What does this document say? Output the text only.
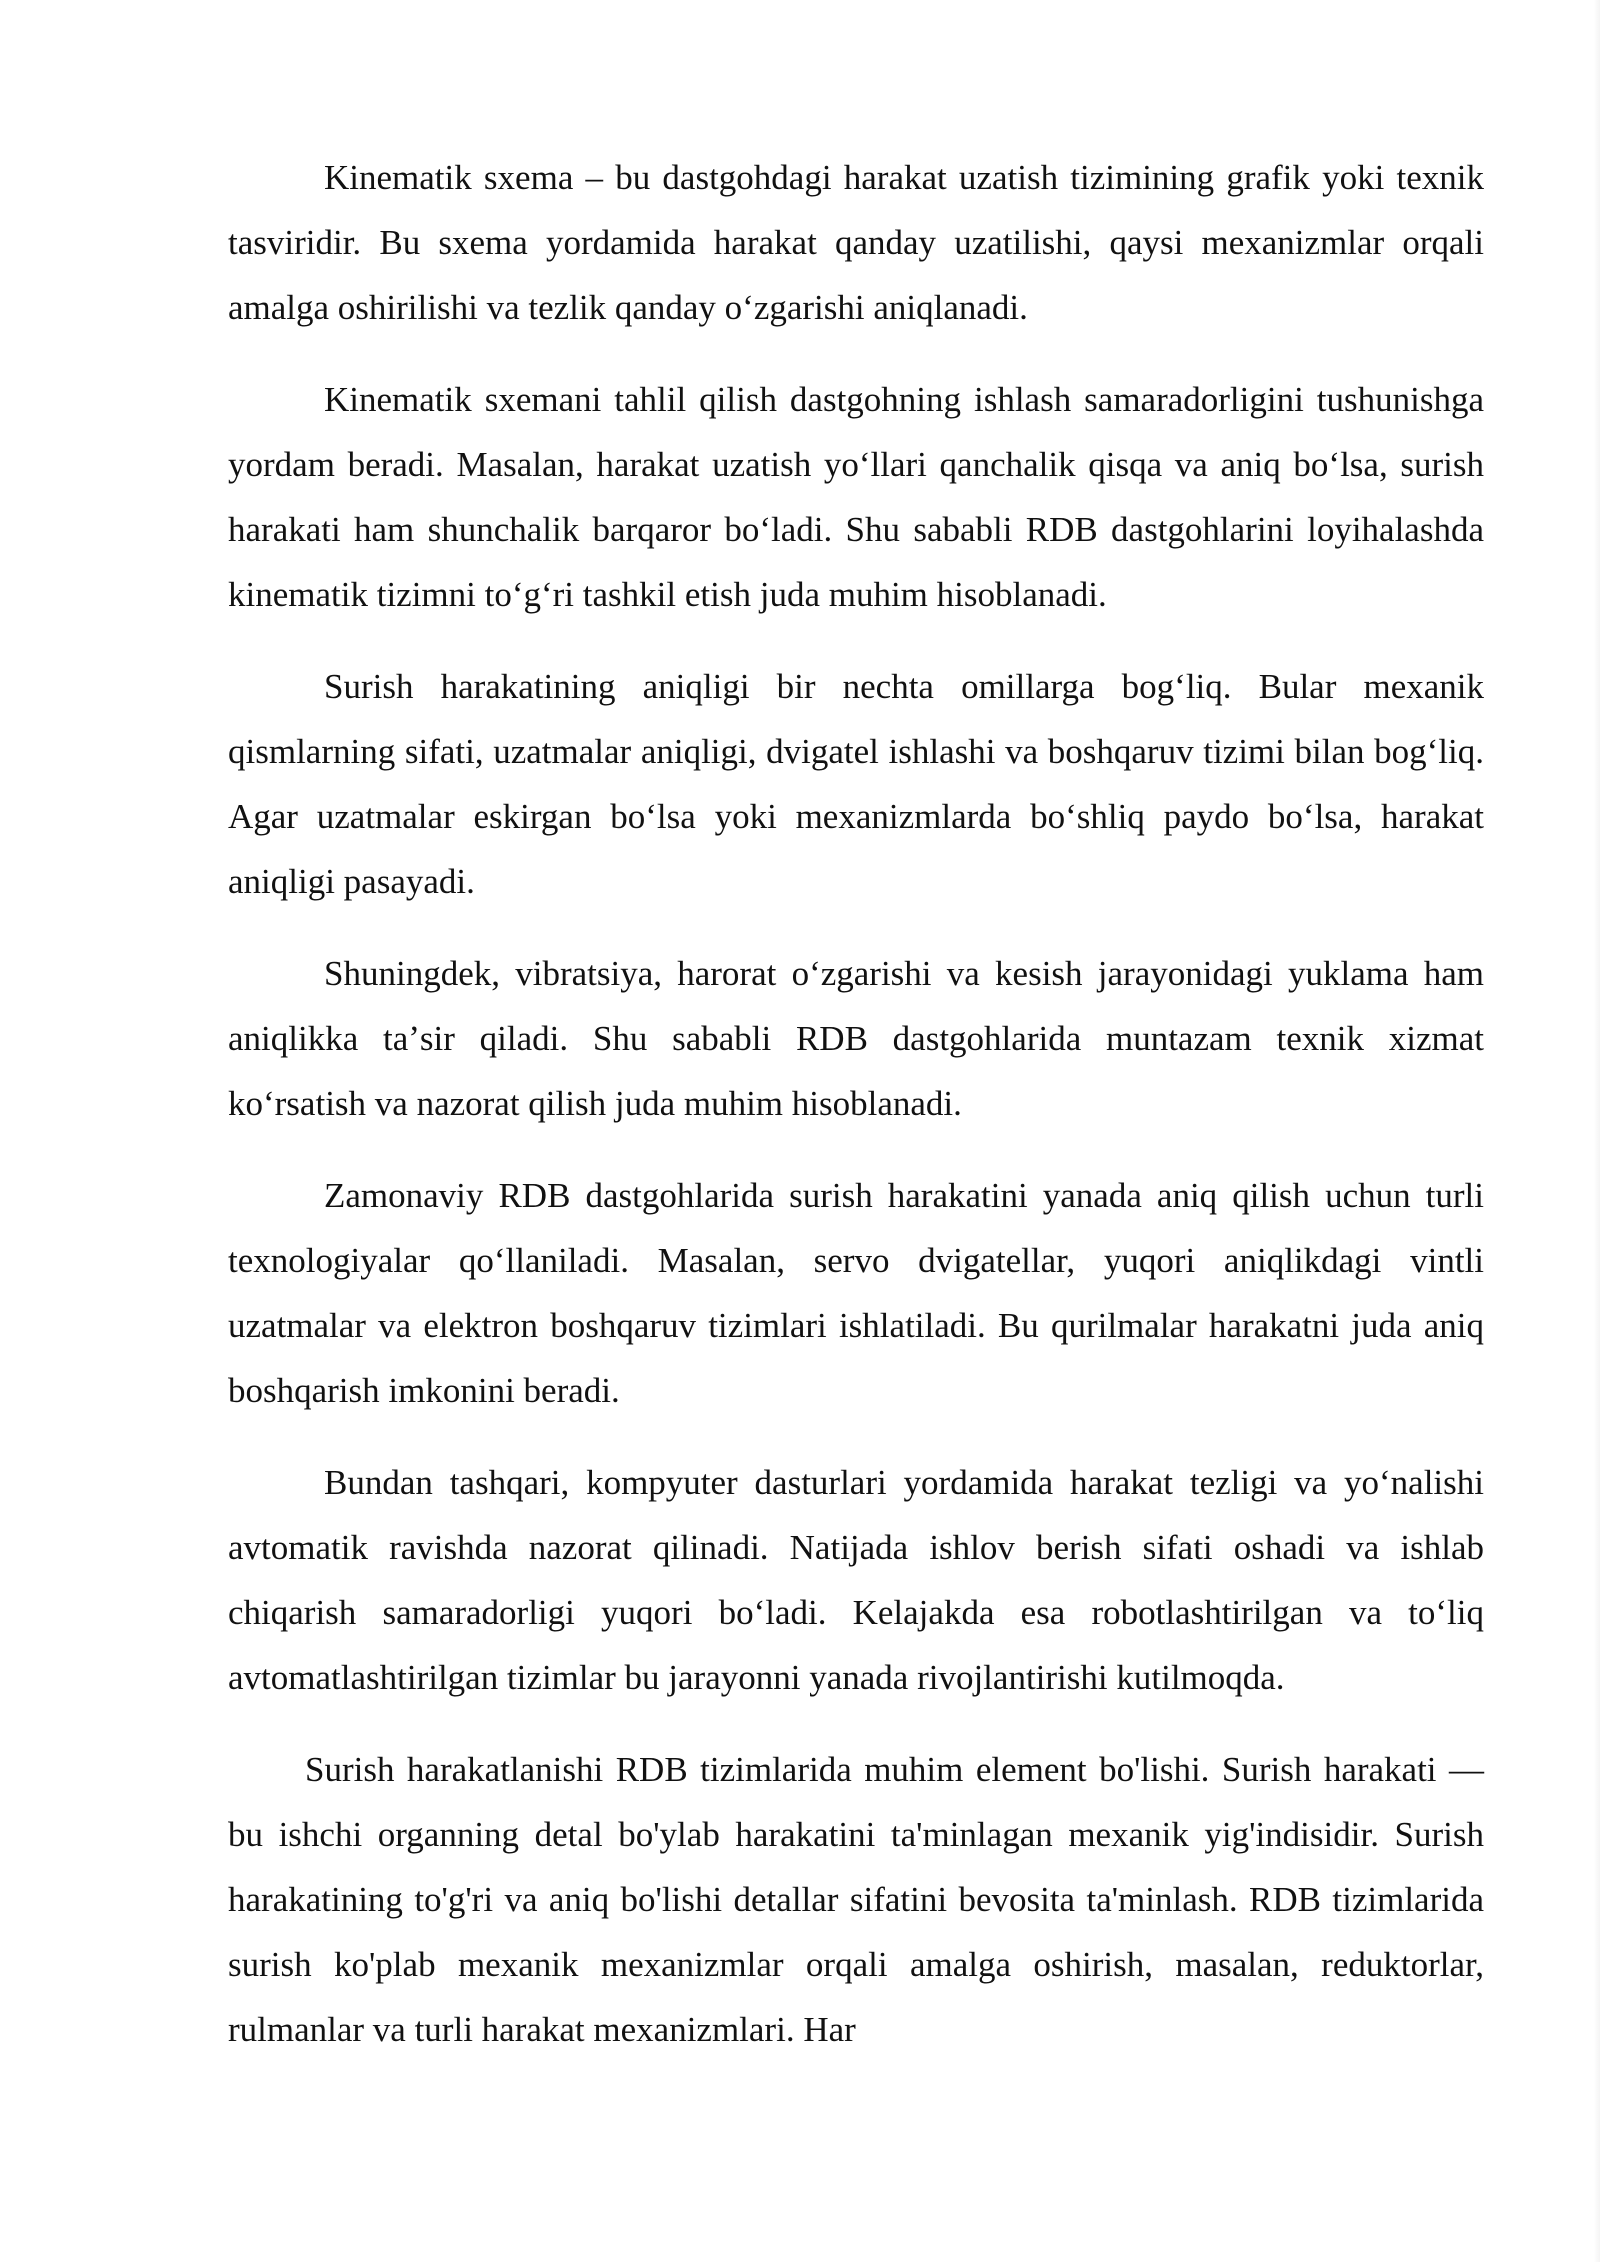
Kinematik sxema – bu dastgohdagi harakat uzatish tizimining grafik yoki texnik tasviridir. Bu sxema yordamida harakat qanday uzatilishi, qaysi mexanizmlar orqali amalga oshirilishi va tezlik qanday oʻzgarishi aniqlanadi.

Kinematik sxemani tahlil qilish dastgohning ishlash samaradorligini tushunishga yordam beradi. Masalan, harakat uzatish yoʻllari qanchalik qisqa va aniq boʻlsa, surish harakati ham shunchalik barqaror boʻladi. Shu sababli RDB dastgohlarini loyihalashda kinematik tizimni toʻgʻri tashkil etish juda muhim hisoblanadi.

Surish harakatining aniqligi bir nechta omillarga bogʻliq. Bular mexanik qismlarning sifati, uzatmalar aniqligi, dvigatel ishlashi va boshqaruv tizimi bilan bogʻliq. Agar uzatmalar eskirgan boʻlsa yoki mexanizmlarda boʻshliq paydo boʻlsa, harakat aniqligi pasayadi.

Shuningdek, vibratsiya, harorat oʻzgarishi va kesish jarayonidagi yuklama ham aniqlikka taʼsir qiladi. Shu sababli RDB dastgohlarida muntazam texnik xizmat koʻrsatish va nazorat qilish juda muhim hisoblanadi.

Zamonaviy RDB dastgohlarida surish harakatini yanada aniq qilish uchun turli texnologiyalar qoʻllaniladi. Masalan, servo dvigatellar, yuqori aniqlikdagi vintli uzatmalar va elektron boshqaruv tizimlari ishlatiladi. Bu qurilmalar harakatni juda aniq boshqarish imkonini beradi.

Bundan tashqari, kompyuter dasturlari yordamida harakat tezligi va yoʻnalishi avtomatik ravishda nazorat qilinadi. Natijada ishlov berish sifati oshadi va ishlab chiqarish samaradorligi yuqori boʻladi. Kelajakda esa robotlashtirilgan va toʻliq avtomatlashtirilgan tizimlar bu jarayonni yanada rivojlantirishi kutilmoqda.

Surish harakatlanishi RDB tizimlarida muhim element bo'lishi. Surish harakati — bu ishchi organning detal bo'ylab harakatini ta'minlagan mexanik yig'indisidir. Surish harakatining to'g'ri va aniq bo'lishi detallar sifatini bevosita ta'minlash. RDB tizimlarida surish ko'plab mexanik mexanizmlar orqali amalga oshirish, masalan, reduktorlar, rulmanlar va turli harakat mexanizmlari. Har
